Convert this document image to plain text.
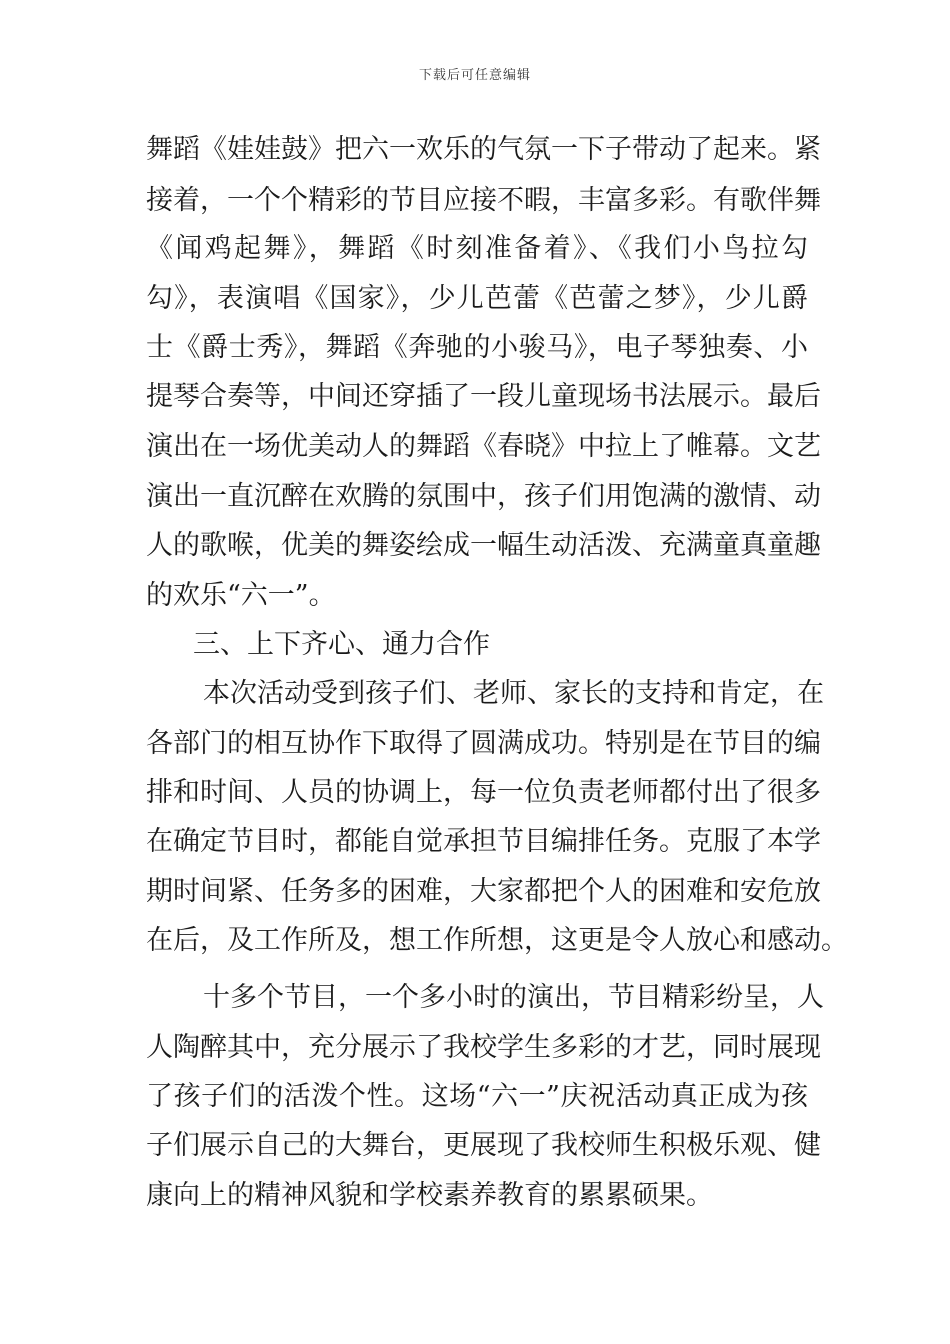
下载后可任意编辑
舞蹈《娃娃鼓》把六一欢乐的气氛一下子带动了起来。紧
接着，一个个精彩的节目应接不暇，丰富多彩。有歌伴舞
《闻鸡起舞》，舞蹈《时刻准备着》、《我们小鸟拉勾
勾》，表演唱《国家》，少儿芭蕾《芭蕾之梦》，少儿爵
士《爵士秀》，舞蹈《奔驰的小骏马》，电子琴独奏、小
提琴合奏等，中间还穿插了一段儿童现场书法展示。最后
演出在一场优美动人的舞蹈《春晓》中拉上了帷幕。文艺
演出一直沉醉在欢腾的氛围中，孩子们用饱满的激情、动
人的歌喉，优美的舞姿绘成一幅生动活泼、充满童真童趣
的欢乐“六一”。
三、上下齐心、通力合作
本次活动受到孩子们、老师、家长的支持和肯定，在
各部门的相互协作下取得了圆满成功。特别是在节目的编
排和时间、人员的协调上，每一位负责老师都付出了很多
在确定节目时，都能自觉承担节目编排任务。克服了本学
期时间紧、任务多的困难，大家都把个人的困难和安危放
在后，及工作所及，想工作所想，这更是令人放心和感动。
十多个节目，一个多小时的演出，节目精彩纷呈，人
人陶醉其中，充分展示了我校学生多彩的才艺，同时展现
了孩子们的活泼个性。这场“六一”庆祝活动真正成为孩
子们展示自己的大舞台，更展现了我校师生积极乐观、健
康向上的精神风貌和学校素养教育的累累硕果。
